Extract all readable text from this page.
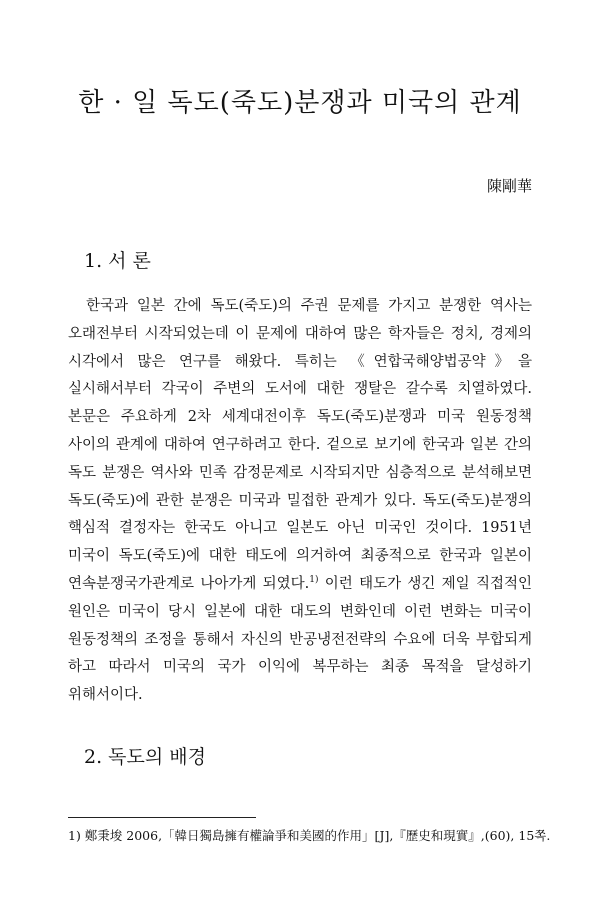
한 · 일 독도(죽도)분쟁과 미국의 관계
陳剛華
1. 서 론
한국과 일본 간에 독도(죽도)의 주권 문제를 가지고 분쟁한 역사는 오래전부터 시작되었는데 이 문제에 대하여 많은 학자들은 정치, 경제의 시각에서 많은 연구를 해왔다. 특히는 《연합국해양법공약》을 실시해서부터 각국이 주변의 도서에 대한 쟁탈은 갈수록 치열하였다. 본문은 주요하게 2차 세계대전이후 독도(죽도)분쟁과 미국 원동정책 사이의 관계에 대하여 연구하려고 한다. 겉으로 보기에 한국과 일본 간의 독도 분쟁은 역사와 민족 감정문제로 시작되지만 심층적으로 분석해보면 독도(죽도)에 관한 분쟁은 미국과 밀접한 관계가 있다. 독도(죽도)분쟁의 핵심적 결정자는 한국도 아니고 일본도 아닌 미국인 것이다. 1951년 미국이 독도(죽도)에 대한 태도에 의거하여 최종적으로 한국과 일본이 연속분쟁국가관계로 나아가게 되였다.$^{1)}$ 이런 태도가 생긴 제일 직접적인 원인은 미국이 당시 일본에 대한 대도의 변화인데 이런 변화는 미국이 원동정책의 조정을 통해서 자신의 반공냉전전략의 수요에 더욱 부합되게 하고 따라서 미국의 국가 이익에 복무하는 최종 목적을 달성하기 위해서이다.
2. 독도의 배경
1) 鄭秉埈 2006,「韓日獨島擁有權論爭和美國的作用」[J],『歷史和現實』,(60), 15쪽.
